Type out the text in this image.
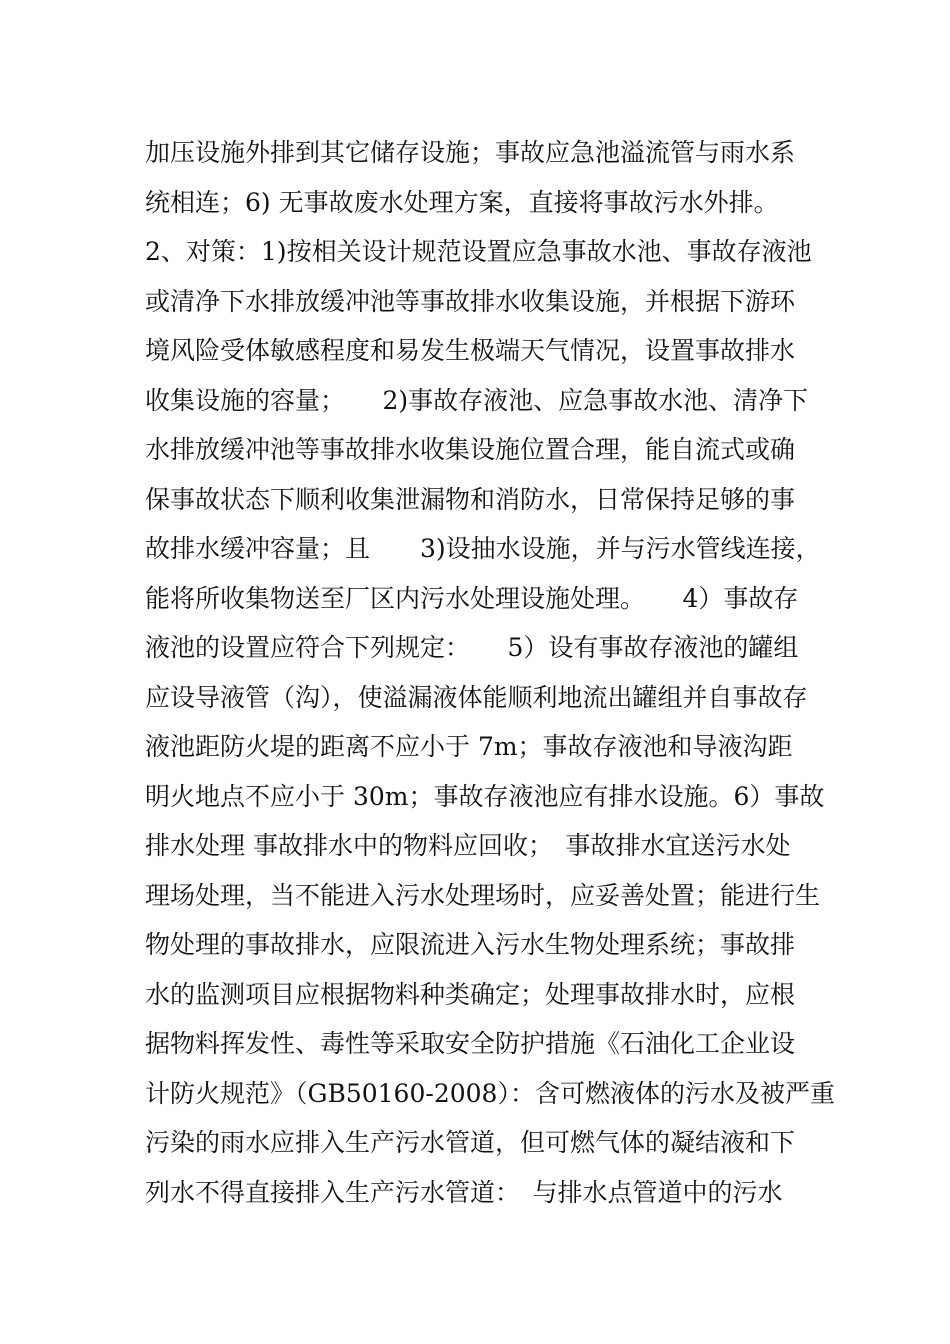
加压设施外排到其它储存设施；事故应急池溢流管与雨水系
统相连；6) 无事故废水处理方案，直接将事故污水外排。
2、对策：1)按相关设计规范设置应急事故水池、事故存液池
或清净下水排放缓冲池等事故排水收集设施，并根据下游环
境风险受体敏感程度和易发生极端天气情况，设置事故排水
收集设施的容量；　　2)事故存液池、应急事故水池、清净下
水排放缓冲池等事故排水收集设施位置合理，能自流式或确
保事故状态下顺利收集泄漏物和消防水，日常保持足够的事
故排水缓冲容量；且　　3)设抽水设施，并与污水管线连接，
能将所收集物送至厂区内污水处理设施处理。　　4）事故存
液池的设置应符合下列规定：　　5）设有事故存液池的罐组
应设导液管（沟），使溢漏液体能顺利地流出罐组并自事故存
液池距防火堤的距离不应小于 7m；事故存液池和导液沟距
明火地点不应小于 30m；事故存液池应有排水设施。6）事故
排水处理 事故排水中的物料应回收；　事故排水宜送污水处
理场处理，当不能进入污水处理场时，应妥善处置；能进行生
物处理的事故排水，应限流进入污水生物处理系统；事故排
水的监测项目应根据物料种类确定；处理事故排水时，应根
据物料挥发性、毒性等采取安全防护措施《石油化工企业设
计防火规范》（GB50160-2008）：含可燃液体的污水及被严重
污染的雨水应排入生产污水管道，但可燃气体的凝结液和下
列水不得直接排入生产污水管道：　与排水点管道中的污水
